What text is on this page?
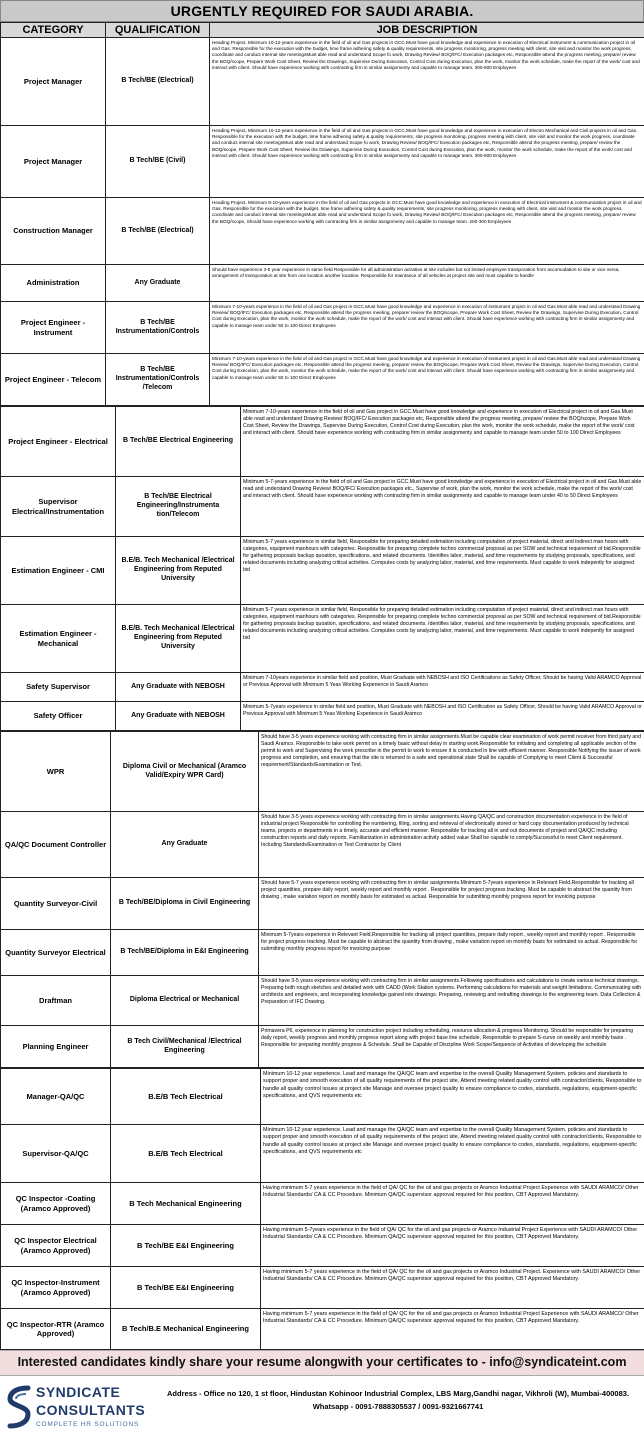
URGENTLY REQUIRED FOR SAUDI ARABIA.
CATEGORY	QUALIFICATION	JOB DESCRIPTION
Project Manager	B Tech/BE (Electrical)	Heading Project, Minimum 10-12-years experience in the field of oil and Gas projects in GCC.Must have good knowledge and experience in execution of Electrical instrument & communication project in oil and Gas. Responsible for the execution with the budget, time frame adhering safety & quality requirements, site progress monitoring, progress meeting with client, site visit and monitor the work progress, coordinate and conduct internal site meetingsMust able read and understand Scope fo work, Drawing Review/ BOQ/IFC/ Execution packages etc, Responsible attend the progress meeting, prepare/ review the BOQ/scope, Prepare Work Cost Sheet, Review the Drawings, Supervise During Execution, Control Cost during Execution, plan the work, monitor the work schedule, make the report of the work/ cost and interact with client. Should have experience working with contracting firm in similar assignmenty and capable to manage team. 300-500 Employees
Project Manager	B Tech/BE (Civil)	Heading Project, Minimum 10-12-years experience in the field of oil and Gas projects in GCC.Must have good knowledge and experience in execution of Electro Mechanical and Civil projects in oil and Gas. Responsible for the execution with the budget, time frame adhering safety & quality requirements, site progress monitoring, progress meeting with client, site visit and monitor the work progress, coordinate and conduct internal site meetingsMust able read and understand Scope fo work, Drawing Review/ BOQ/IFC/ Execution packages etc, Responsible attend the progress meeting, prepare/ review the BOQ/scope, Prepare Work Cost Sheet, Review the Drawings, Supervise During Execution, Control Cost during Execution, plan the work, monitor the work schedule, make the report of the work/ cost and interact with client. Should have experience working with contracting firm in similar assignmenty and capable to manage team. 300-500 Employees
Construction Manager	B Tech/BE (Electrical)	Heading Project, Minimum 8-10-years experience in the field of oil and Gas projects in GCC.Must have good knowledge and experience in execution of Electrical instrument & communication project in oil and Gas. Responsible for the execution with the budget, time frame adhering safety & quality requirements, site progress monitoring, progress meeting with client, site visit and monitor the work progress, coordinate and conduct internal site meetingsMust able read and understand Scope fo work, Drawing Review/ BOQ/IFC/ Execution packages etc, Responsible attend the progress meeting, prepare/ review the BOQ/scope, Should have experience working with contracting firm in similar assignmenty and capable to manage team. 200-300 Employees
Administration	Any Graduate	Should have experience 3-5 year experience in same field Responsible for all administration activities at site includes but not limited employee transporation from accomodation to site or vice versa, arrangement of transporation at site from one location another location. Responsible for maintance of all vehicles at project site and must capable to handle
Project Engineer - Instrument	B Tech/BE Instrumentation/Controls	Minimum 7-10-years experience in the field of oil and Gas project in GCC.Must have good knowledge and experience in execution of instrument project in oil and Gas.Must able read and understand Drawing Review/ BOQ/IFC/ Execution packages etc, Responsible attend the progress meeting, prepare/ review the BOQ/scope, Prepare Work Cost Sheet, Review the Drawings, Supervise During Execution, Control Cost during Execution, plan the work, monitor the work schedule, make the report of the work/ cost and interact with client. Should have experience working with contracting firm in similar assignmenty and capable to manage team under 50 to 100 Direct Employees
Project Engineer - Telecom	B Tech/BE Instrumentation/Controls /Telecom	Minimum 7-10-years experience in the field of oil and Gas project in GCC.Must have good knowledge and experience in execution of instrument project in oil and Gas.Must able read and understand Drawing Review/ BOQ/IFC/ Execution packages etc, Responsible attend the progress meeting, prepare/ review the BOQ/scope, Prepare Work Cost Sheet, Review the Drawings, Supervise During Execution, Control Cost during Execution, plan the work, monitor the work schedule, make the report of the work/ cost and interact with client. Should have experience working with contracting firm in similar assignmenty and capable to manage team under 50 to 100 Direct Employees
Project Engineer - Electrical	B Tech/BE Electrical Engineering	Minimum 7-10-years experience in the field of oil and Gas project in GCC.Must have good knowledge and experience in execution of Electrical project in oil and Gas.Must able read and understand Drawing Review/ BOQ/IFC/ Execution packages etc, Responsible attend the progress meeting, prepare/ review the BOQ/scope, Prepare Work Cost Sheet, Review the Drawings, Supervise During Execution, Control Cost during Execution, plan the work, monitor the work schedule, make the report of the work/ cost and interact with client. Should have experience working with contracting firm in similar assignmenty and capable to manage team under 50 to 100 Direct Employees
Supervisor Electrical/Instrumentation	B Tech/BE Electrical Engineering/Instrumenta tion/Telecom	Minimum 5-7-years experience in the field of oil and Gas project in GCC.Must have good knowledge and experience in execution of Electrical project in oil and Gas.Must able read and understand Drawing Review/ BOQ/IFC/ Execution packages etc., Supervise of work, plan the work, monitor the work schedule, make the report of the work/ cost and interact with client. Should have experience working with contracting firm in similar assignmenty and capable to manage team under 40 to 50 Direct Employees
Estimation Engineer - CMI	B.E/B. Tech Mechanical /Electrical Engineering from Reputed University	Minimum 5-7 years experience in similar field, Responsible for preparing detailed estimation including computation of project material, direct and indirect man hours with categories, equipment manhours with categories. Responsible for preparing complete techno commercial proposal as per SOW and technical requirement of bid.Responsible for gathering proposals backup quoation, specifications, and related documents. Identifies labor, material, and time requirements by studying proposals, specifications, and related documents including analyzing critical activities. Computes costs by analyzing labor, material, and time requirements. Must capable to work indepently for assigned bid
Estimation Engineer - Mechanical	B.E/B. Tech Mechanical /Electrical Engineering from Reputed University	Minimum 5-7 years experience in similar field, Responsible for preparing detailed estimation including computation of project material, direct and indirect man hours with categories, equipment manhours with categories. Responsible for preparing complete techno commercial proposal as per SOW and technical requirement of bid.Responsible for gathering proposals backup quoation, specifications, and related documents. Identifies labor, material, and time requirements by studying proposals, specifications, and related documents including analyzing critical activities. Computes costs by analyzing labor, material, and time requirements. Must capable to work indepently for assigned bid
Safety Supervisor	Any Graduate with NEBOSH	Minimum 7-10years experience in similar field and position, Must Graduate with NEBOSH and ISO Certifications as Safety Officer, Should be having Valid ARAMCO Approval or Previous Approval with Minimum 5 Yeas Working Experience in Saudi Aramco
Safety Officer	Any Graduate with NEBOSH	Minimum 5-7years experience in similar field and position, Must Graduate with NEBOSH and ISO Certification as Safety Officer, Should be having Valid ARAMCO Approval or Previous Approval with Minimum 5 Yeas Working Experience in Saudi Aramco
WPR	Diploma Civil or Mechanical (Aramco Valid/Expiry WPR Card)	Should have 3-5 years experience working with contracting firm in similar assignments.Must be capable clear examination of work permit receiver from third party and Saudi Aramco. Responsible to take work permit on a timely basic without delay in starting work.Responsible for initiating and completing all applicable section of the permit to work and Supervising the work prescribe in the permit to work to ensure it is conducted in line with efficient manner. Responsible Notifying the issuer of work progress and completion, and ensuring that the site is returned to a safe and operational state Shall be capable of Complying to meet Client & Successful requirement/Standards/Examination or Test.
QA/QC Document Controller	Any Graduate	Should have 3-5 years experience working with contracting firm in similar assignments.Having QA/QC and construction documentation experience in the field of industrial project Responsible for controlling the numbering, filing, sorting and retrieval of electronically stored or hard copy documentation produced by technical teams, projects or departments in a timely, accurate and efficient manner. Responsible for tracking all in and out documents of project and QA/QC including construction reports and daily reports. Familiarization in administration activity added value Shall be capable to comply/Successful to meet Client requirement. Including Standards/Examination or Test Contractor by Client
Quantity Surveyor-Civil	B Tech/BE/Diploma in Civil Engineering	Should have 5-7 years experience working with contracting firm in similar assignments.Minimum 5-7years experience in Relevant Field.Responsible for tracking all project quantities, prepare daily report, weekly report and monthly report . Responsible for project progress tracking. Must be capable to abstract the quantity from drawing , make variation report on monthly basis for estimated vs actual. Responsible for submitting monthly progress report for invoicing purpose
Quantity Surveyor Electrical	B Tech/BE/Diploma in E&I Engineering	Minimum 5-7years experience in Relevant Field.Responsible for tracking all project quantities, prepare daily report , weekly report and monthly report . Responsible for project progress tracking. Must be capable to abstract the quantity from drawing , make variation report on monthly basis for estimated vs actual. Responsible for submitting monthly progress report for invoicing purpose
Draftman	Diploma Electrical or Mechanical	Should have 3-5 years experience working with contracting firm in similar assignments.Following specifications and calculations to create various technical drawings. Preparing both rough sketches and detailed work with CADD (Work Station systems. Performing calculations for materials and weight limitations. Communicating with architects and engineers, and incorporating knowledge gained into drawings. Preparing, reviewing and redrafting drawings to the engineering team. Data Collection & Preparation of IFC Drawing.
Planning Engineer	B Tech Civil/Mechanical /Electrical Engineering	Primavera P6, experience in planning for construction project including scheduling, resource allocation & progress Monitoring. Should be responsible for preparing daily report, weekly progress and monthly progress report along with project base line schedule, Responsible to prepare S-curve on weekly and monthly basis . Responsible for preparing monthly progress & Schedule. Shall be Capable of Discipline Work Scope/Sequence of Activities of developing the schedule
Manager-QA/QC	B.E/B Tech Electrical	Minimum 10-12 year experience. Lead and manage the QA/QC team and expertise to the overall Quality Management System. policies and standards to support proper and smooth execution of all quality requirements of the project site, Attend meeting related quality control with contractor/clients, Responsible to handle all quality control issues at project site Manage and oversee project quality to ensure compliance to codes, standards, regulations, equipment-specific specifications, and QVS requirements etc
Supervisor-QA/QC	B.E/B Tech Electrical	Minimum 10-12 year experience. Lead and manage the QA/QC team and expertise to the overall Quality Management System. policies and standards to support proper and smooth execution of all quality requirements of the project site, Attend meeting related quality control with contractor/clients, Responsible to handle all quality control issues at project site Manage and oversee project quality to ensure compliance to codes, standards, regulations, equipment-specific specifications, and QVS requirements etc
QC Inspector -Coating (Aramco Approved)	B Tech Mechanical Engineering	Having minimum 5-7 years experience in the field of QA/ QC for the oil and gas projects or Aramco Industrial Project Experience with SAUDI ARAMCO/ Other Industrial Standards/ CA & CC Procedure. Minimum QA/QC supervisor approval required for this position, CBT Approved Mandatory.
QC Inspector Electrical (Aramco Approved)	B Tech/BE E&I Engineering	Having minimum 5-7years experience in the field of QA/ QC for the oil and gas projects or Aramco Industrial Project Experience with SAUDI ARAMCO/ Other Industrial Standards/ CA & CC Procedure. Minimum QA/QC supervisor approval required for this position, CBT Approved Mandatory.
QC Inspector-Instrument (Aramco Approved)	B Tech/BE E&I Engineering	Having minimum 5-7 years experience in the field of QA/ QC for the oil and gas projects or Aramco Industrial Project. Experience with SAUDI ARAMCO/ Other Industrial Standards/ CA & CC Procedure. Minimum QA/QC supervisor approval required for this position, CBT Approved Mandatory.
QC Inspector-RTR (Aramco Approved)	B Tech/B.E Mechanical Engineering	Having minimum 5-7 years experience in the field of QA/ QC for the oil and gas projects or Aramco Industrial Project Experience with SAUDI ARAMCO/ Other Industrial Standards/ CA & CC Procedure. Minimum QA/QC supervisor approval required for this position, CBT Approved Mandatory.
Interested candidates kindly share your resume alongwith your certificates to - info@syndicateint.com
SYNDICATE
CONSULTANTS
COMPLETE HR SOLUTIONS
Address - Office no 120, 1 st floor, Hindustan Kohinoor Industrial Complex, LBS Marg,Gandhi nagar, Vikhroli (W), Mumbai-400083.
Whatsapp - 0091-7888305537 / 0091-9321667741
